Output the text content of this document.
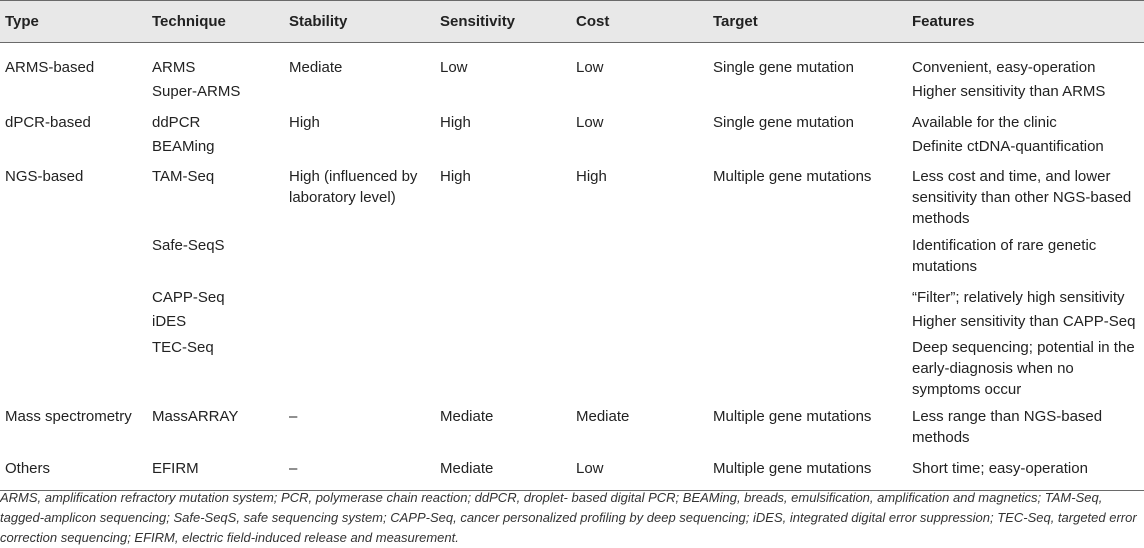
Type	Technique	Stability	Sensitivity	Cost	Target	Features
ARMS-based	ARMS	Mediate	Low	Low	Single gene mutation	Convenient, easy-operation
	Super-ARMS					Higher sensitivity than ARMS
dPCR-based	ddPCR	High	High	Low	Single gene mutation	Available for the clinic
	BEAMing					Definite ctDNA-quantification
NGS-based	TAM-Seq	High (influenced by laboratory level)	High	High	Multiple gene mutations	Less cost and time, and lower sensitivity than other NGS-based methods
	Safe-SeqS					Identification of rare genetic mutations
	CAPP-Seq					“Filter”; relatively high sensitivity
	iDES					Higher sensitivity than CAPP-Seq
	TEC-Seq					Deep sequencing; potential in the early-diagnosis when no symptoms occur
Mass spectrometry	MassARRAY	–	Mediate	Mediate	Multiple gene mutations	Less range than NGS-based methods
Others	EFIRM	–	Mediate	Low	Multiple gene mutations	Short time; easy-operation
ARMS, amplification refractory mutation system; PCR, polymerase chain reaction; ddPCR, droplet- based digital PCR; BEAMing, breads, emulsification, amplification and magnetics; TAM-Seq, tagged-amplicon sequencing; Safe-SeqS, safe sequencing system; CAPP-Seq, cancer personalized profiling by deep sequencing; iDES, integrated digital error suppression; TEC-Seq, targeted error correction sequencing; EFIRM, electric field-induced release and measurement.
